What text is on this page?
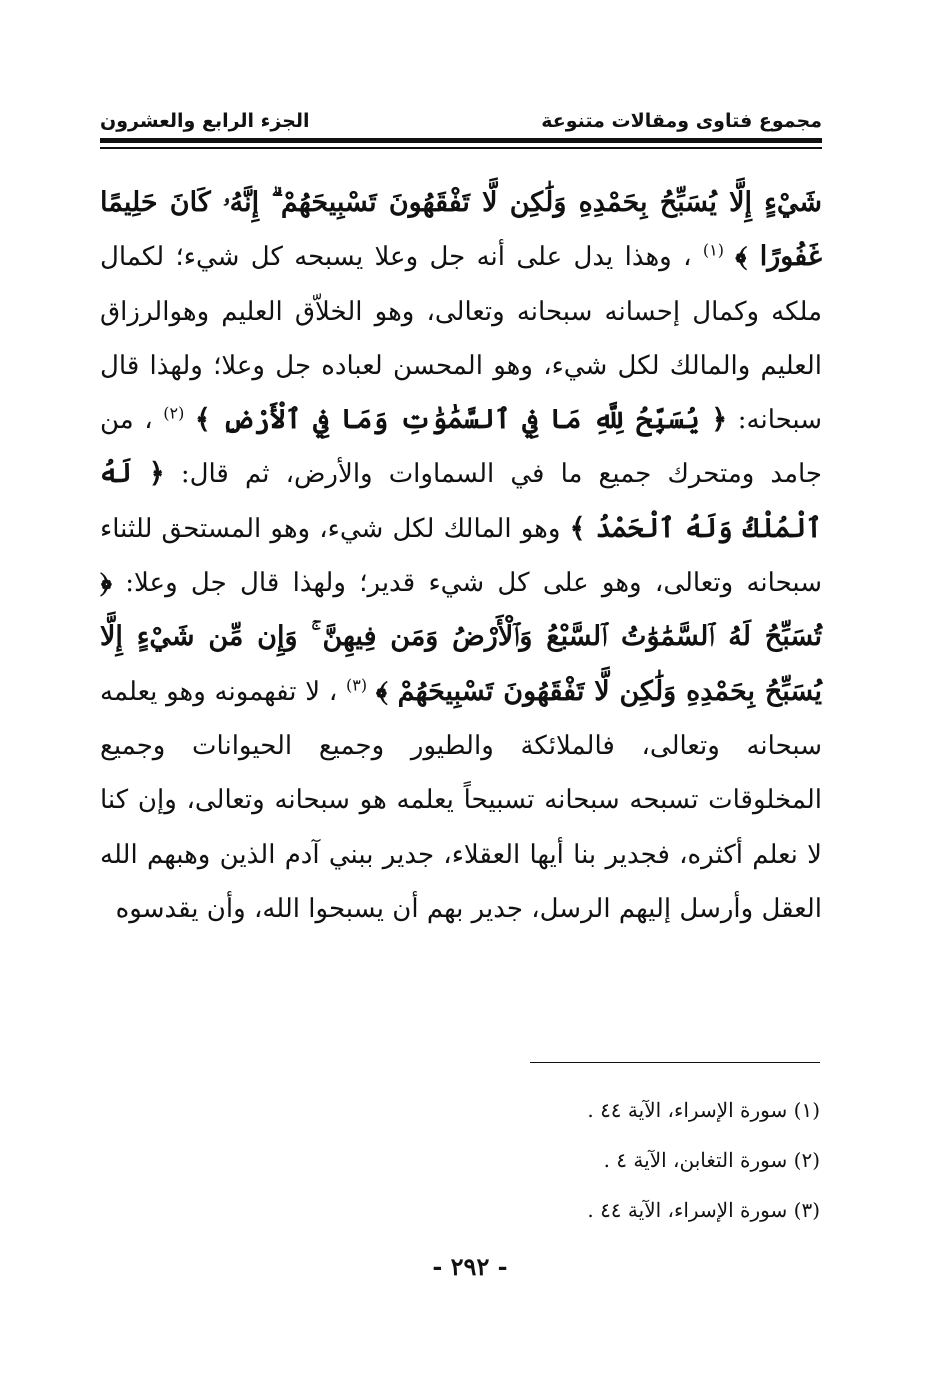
مجموع فتاوى ومقالات متنوعة
الجزء الرابع والعشرون
شَيْءٍ إِلَّا يُسَبِّحُ بِحَمْدِهِ وَلَٰكِن لَّا تَفْقَهُونَ تَسْبِيحَهُمْ ۗ إِنَّهُۥ كَانَ حَلِيمًا غَفُورًا ﴾ $^{(١)}$ ، وهذا يدل على أنه جل وعلا يسبحه كل شيء؛ لكمال ملكه وكمال إحسانه سبحانه وتعالى، وهو الخلاّق العليم وهوالرزاق العليم والمالك لكل شيء، وهو المحسن لعباده جل وعلا؛ ولهذا قال سبحانه: ﴿ يُسَبِّحُ لِلَّهِ مَا فِي ٱلسَّمَٰوَٰتِ وَمَا فِي ٱلْأَرْضِ ﴾ $^{(٢)}$ ، من جامد ومتحرك جميع ما في السماوات والأرض، ثم قال: ﴿ لَهُ ٱلْمُلْكُ وَلَهُ ٱلْحَمْدُ ﴾ وهو المالك لكل شيء، وهو المستحق للثناء سبحانه وتعالى، وهو على كل شيء قدير؛ ولهذا قال جل وعلا: ﴿ تُسَبِّحُ لَهُ ٱلسَّمَٰوَٰتُ ٱلسَّبْعُ وَٱلْأَرْضُ وَمَن فِيهِنَّ ۚ وَإِن مِّن شَيْءٍ إِلَّا يُسَبِّحُ بِحَمْدِهِ وَلَٰكِن لَّا تَفْقَهُونَ تَسْبِيحَهُمْ ﴾ $^{(٣)}$ ، لا تفهمونه وهو يعلمه سبحانه وتعالى، فالملائكة والطيور وجميع الحيوانات وجميع المخلوقات تسبحه سبحانه تسبيحاً يعلمه هو سبحانه وتعالى، وإن كنا لا نعلم أكثره، فجدير بنا أيها العقلاء، جدير ببني آدم الذين وهبهم الله العقل وأرسل إليهم الرسل، جدير بهم أن يسبحوا الله، وأن يقدسوه
(١) سورة الإسراء، الآية ٤٤ .
(٢) سورة التغابن، الآية ٤ .
(٣) سورة الإسراء، الآية ٤٤ .
- ٢٩٢ -
